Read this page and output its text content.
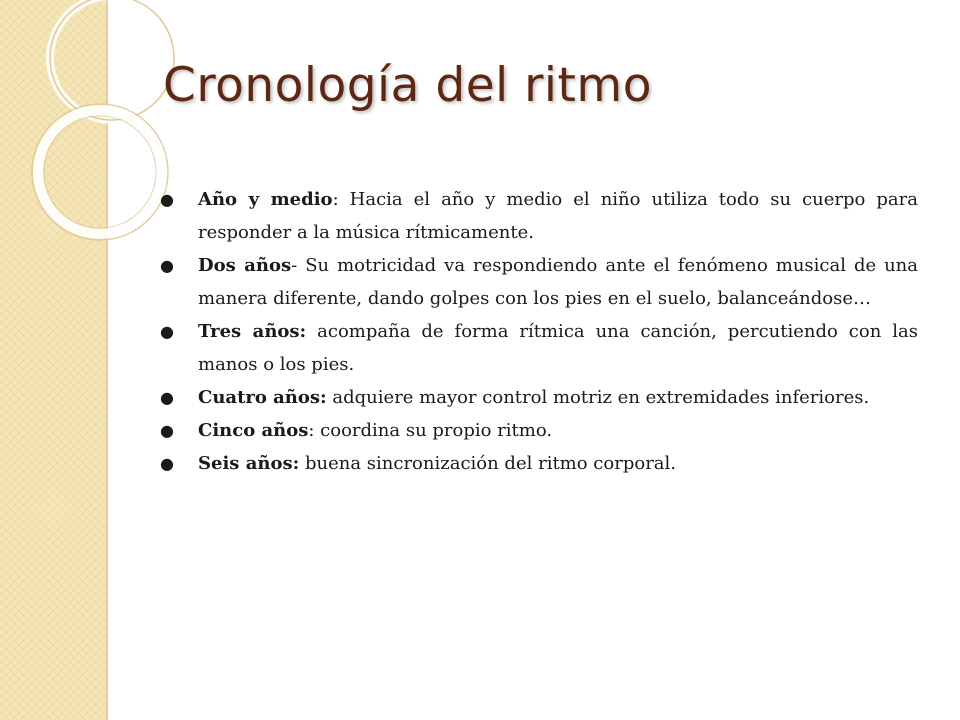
Cronología del ritmo
● Año y medio: Hacia el año y medio el niño utiliza todo su cuerpo para responder a la música rítmicamente.
● Dos años- Su motricidad va respondiendo ante el fenómeno musical de una manera diferente, dando golpes con los pies en el suelo, balanceándose…
● Tres años: acompaña de forma rítmica una canción, percutiendo con las manos o los pies.
● Cuatro años: adquiere mayor control motriz en extremidades inferiores.
● Cinco años: coordina su propio ritmo.
● Seis años: buena sincronización del ritmo corporal.
